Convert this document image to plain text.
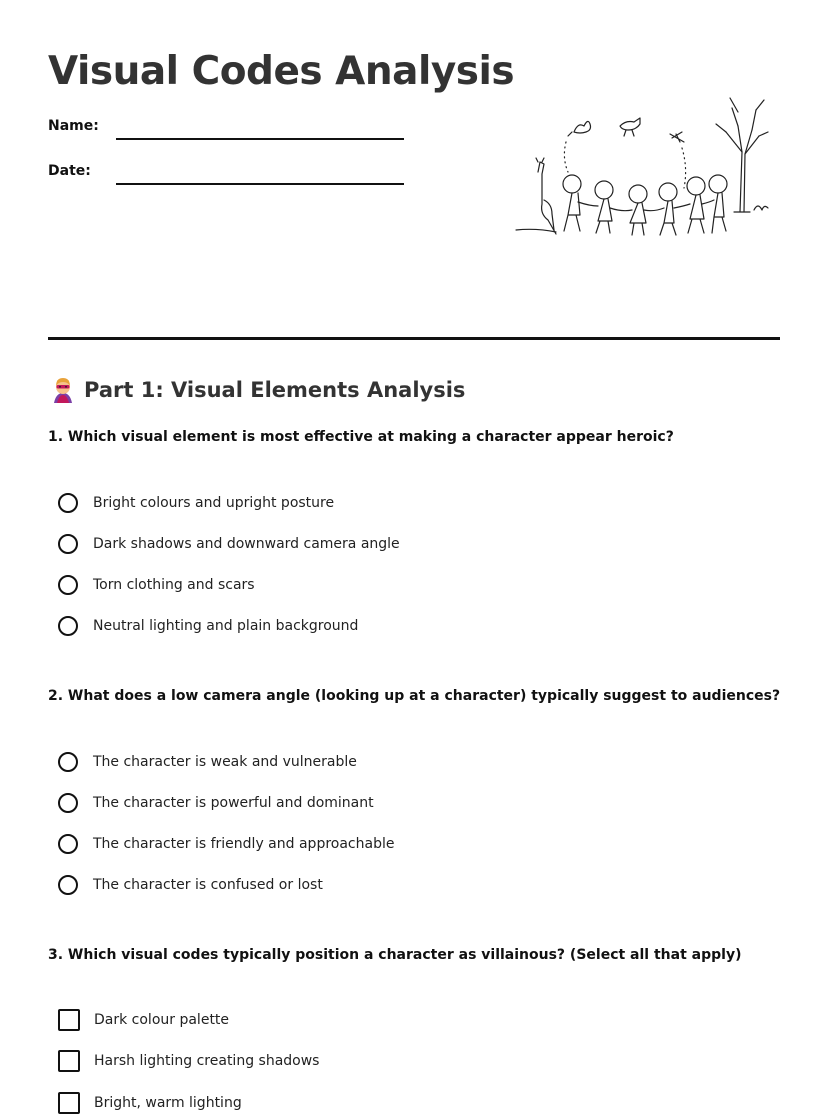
Visual Codes Analysis
Name:
Date:
Part 1: Visual Elements Analysis
1. Which visual element is most effective at making a character appear heroic?
Bright colours and upright posture
Dark shadows and downward camera angle
Torn clothing and scars
Neutral lighting and plain background
2. What does a low camera angle (looking up at a character) typically suggest to audiences?
The character is weak and vulnerable
The character is powerful and dominant
The character is friendly and approachable
The character is confused or lost
3. Which visual codes typically position a character as villainous? (Select all that apply)
Dark colour palette
Harsh lighting creating shadows
Bright, warm lighting
